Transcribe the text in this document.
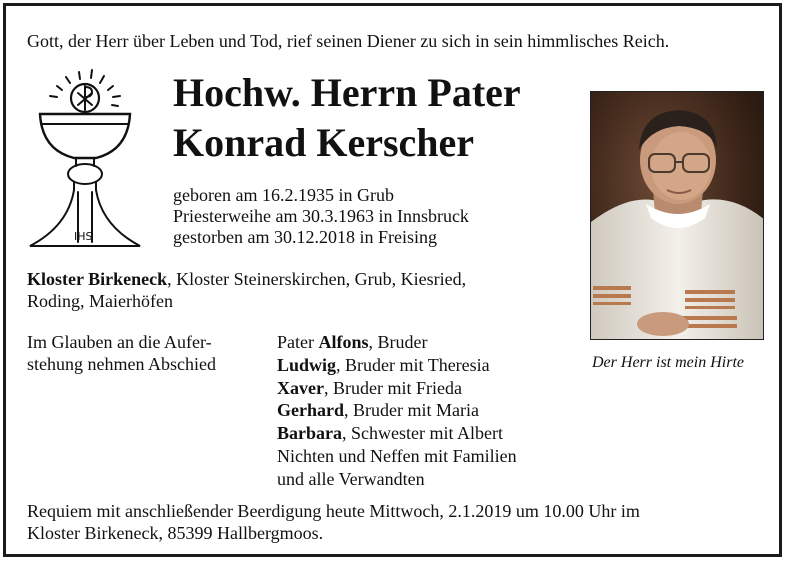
Gott, der Herr über Leben und Tod, rief seinen Diener zu sich in sein himmlisches Reich.
IHS
Hochw. Herrn Pater
Konrad Kerscher
geboren am 16.2.1935 in Grub
Priesterweihe am 30.3.1963 in Innsbruck
gestorben am 30.12.2018 in Freising
Der Herr ist mein Hirte
Kloster Birkeneck, Kloster Steinerskirchen, Grub, Kiesried,
Roding, Maierhöfen
Im Glauben an die Aufer-
stehung nehmen Abschied
Pater Alfons, Bruder
Ludwig, Bruder mit Theresia
Xaver, Bruder mit Frieda
Gerhard, Bruder mit Maria
Barbara, Schwester mit Albert
Nichten und Neffen mit Familien
und alle Verwandten
Requiem mit anschließender Beerdigung heute Mittwoch, 2.1.2019 um 10.00 Uhr im
Kloster Birkeneck, 85399 Hallbergmoos.
